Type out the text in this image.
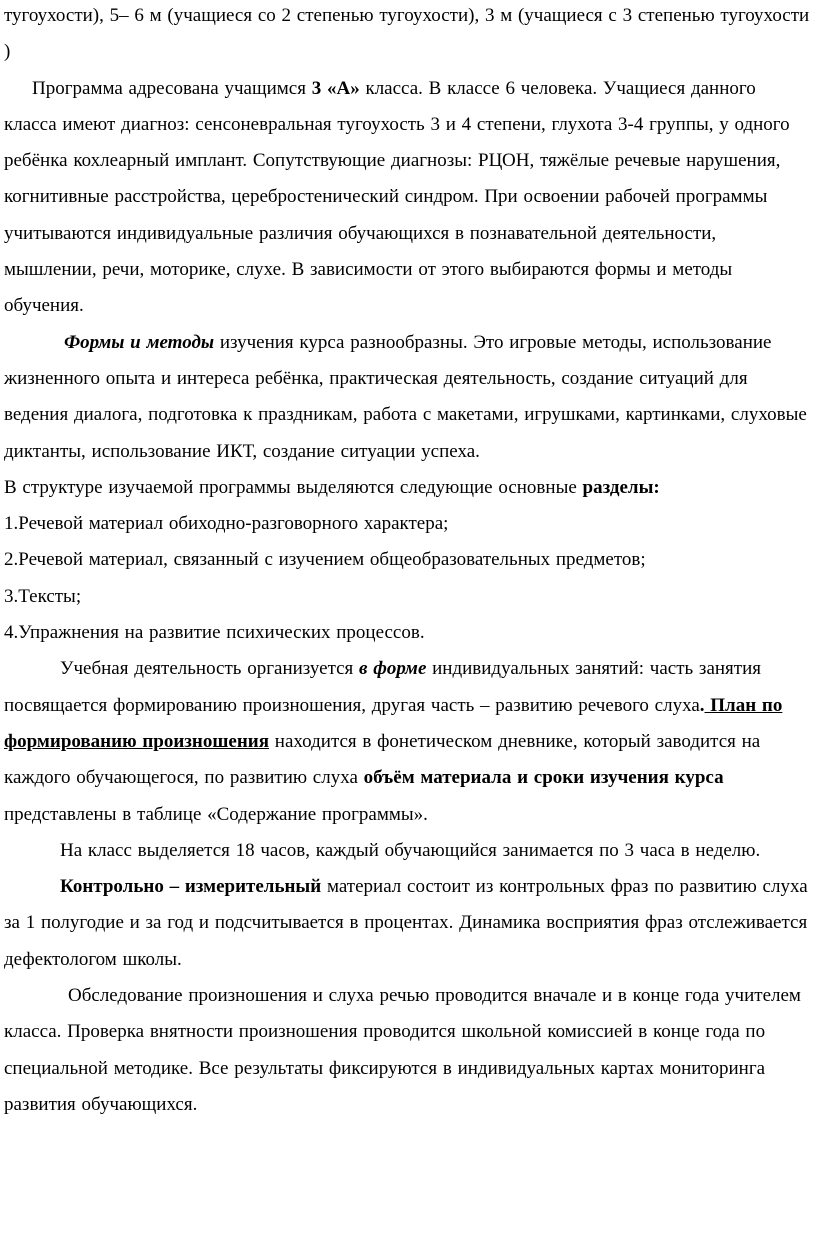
тугоухости), 5– 6 м (учащиеся со 2 степенью тугоухости), 3 м (учащиеся с 3 степенью тугоухости )

Программа адресована учащимся 3 «А» класса. В классе 6 человека. Учащиеся данного класса имеют диагноз: сенсоневральная тугоухость 3 и 4 степени, глухота 3-4 группы, у одного ребёнка кохлеарный имплант. Сопутствующие диагнозы: РЦОН, тяжёлые речевые нарушения, когнитивные расстройства, церебростенический синдром. При освоении рабочей программы учитываются индивидуальные различия обучающихся в познавательной деятельности, мышлении, речи, моторике, слухе. В зависимости от этого выбираются формы и методы обучения.

Формы и методы изучения курса разнообразны. Это игровые методы, использование жизненного опыта и интереса ребёнка, практическая деятельность, создание ситуаций для ведения диалога, подготовка к праздникам, работа с макетами, игрушками, картинками, слуховые диктанты, использование ИКТ, создание ситуации успеха.

В структуре изучаемой программы выделяются следующие основные разделы:

1.Речевой материал обиходно-разговорного характера;

2.Речевой материал, связанный с изучением общеобразовательных предметов;

3.Тексты;

4.Упражнения на развитие психических процессов.

Учебная деятельность организуется в форме индивидуальных занятий: часть занятия посвящается формированию произношения, другая часть – развитию речевого слуха. План по формированию произношения находится в фонетическом дневнике, который заводится на каждого обучающегося, по развитию слуха объём материала и сроки изучения курса представлены в таблице «Содержание программы».

На класс выделяется 18 часов, каждый обучающийся занимается по 3 часа в неделю.

Контрольно – измерительный материал состоит из контрольных фраз по развитию слуха за 1 полугодие и за год и подсчитывается в процентах. Динамика восприятия фраз отслеживается дефектологом школы.

Обследование произношения и слуха речью проводится вначале и в конце года учителем класса. Проверка внятности произношения проводится школьной комиссией в конце года по специальной методике. Все результаты фиксируются в индивидуальных картах мониторинга развития обучающихся.
